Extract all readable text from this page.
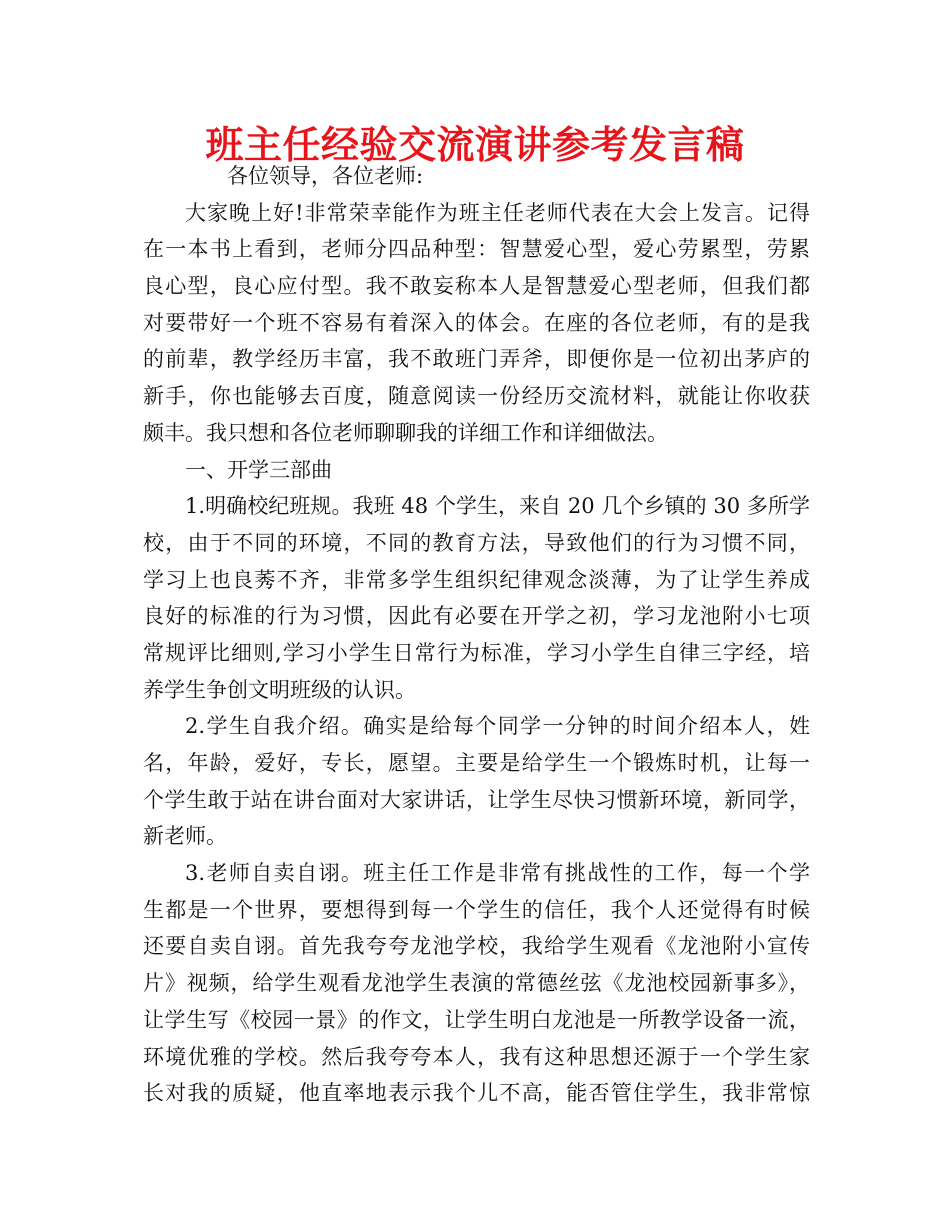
班主任经验交流演讲参考发言稿
各位领导，各位老师:
大家晚上好!非常荣幸能作为班主任老师代表在大会上发言。记得
在一本书上看到，老师分四品种型：智慧爱心型，爱心劳累型，劳累
良心型，良心应付型。我不敢妄称本人是智慧爱心型老师，但我们都
对要带好一个班不容易有着深入的体会。在座的各位老师，有的是我
的前辈，教学经历丰富，我不敢班门弄斧，即便你是一位初出茅庐的
新手，你也能够去百度，随意阅读一份经历交流材料，就能让你收获
颇丰。我只想和各位老师聊聊我的详细工作和详细做法。
一、开学三部曲
1.明确校纪班规。我班 48 个学生，来自 20 几个乡镇的 30 多所学
校，由于不同的环境，不同的教育方法，导致他们的行为习惯不同，
学习上也良莠不齐，非常多学生组织纪律观念淡薄，为了让学生养成
良好的标准的行为习惯，因此有必要在开学之初，学习龙池附小七项
常规评比细则,学习小学生日常行为标准，学习小学生自律三字经，培
养学生争创文明班级的认识。
2.学生自我介绍。确实是给每个同学一分钟的时间介绍本人，姓
名，年龄，爱好，专长，愿望。主要是给学生一个锻炼时机，让每一
个学生敢于站在讲台面对大家讲话，让学生尽快习惯新环境，新同学，
新老师。
3.老师自卖自诩。班主任工作是非常有挑战性的工作，每一个学
生都是一个世界，要想得到每一个学生的信任，我个人还觉得有时候
还要自卖自诩。首先我夸夸龙池学校，我给学生观看《龙池附小宣传
片》视频，给学生观看龙池学生表演的常德丝弦《龙池校园新事多》，
让学生写《校园一景》的作文，让学生明白龙池是一所教学设备一流，
环境优雅的学校。然后我夸夸本人，我有这种思想还源于一个学生家
长对我的质疑，他直率地表示我个儿不高，能否管住学生，我非常惊
